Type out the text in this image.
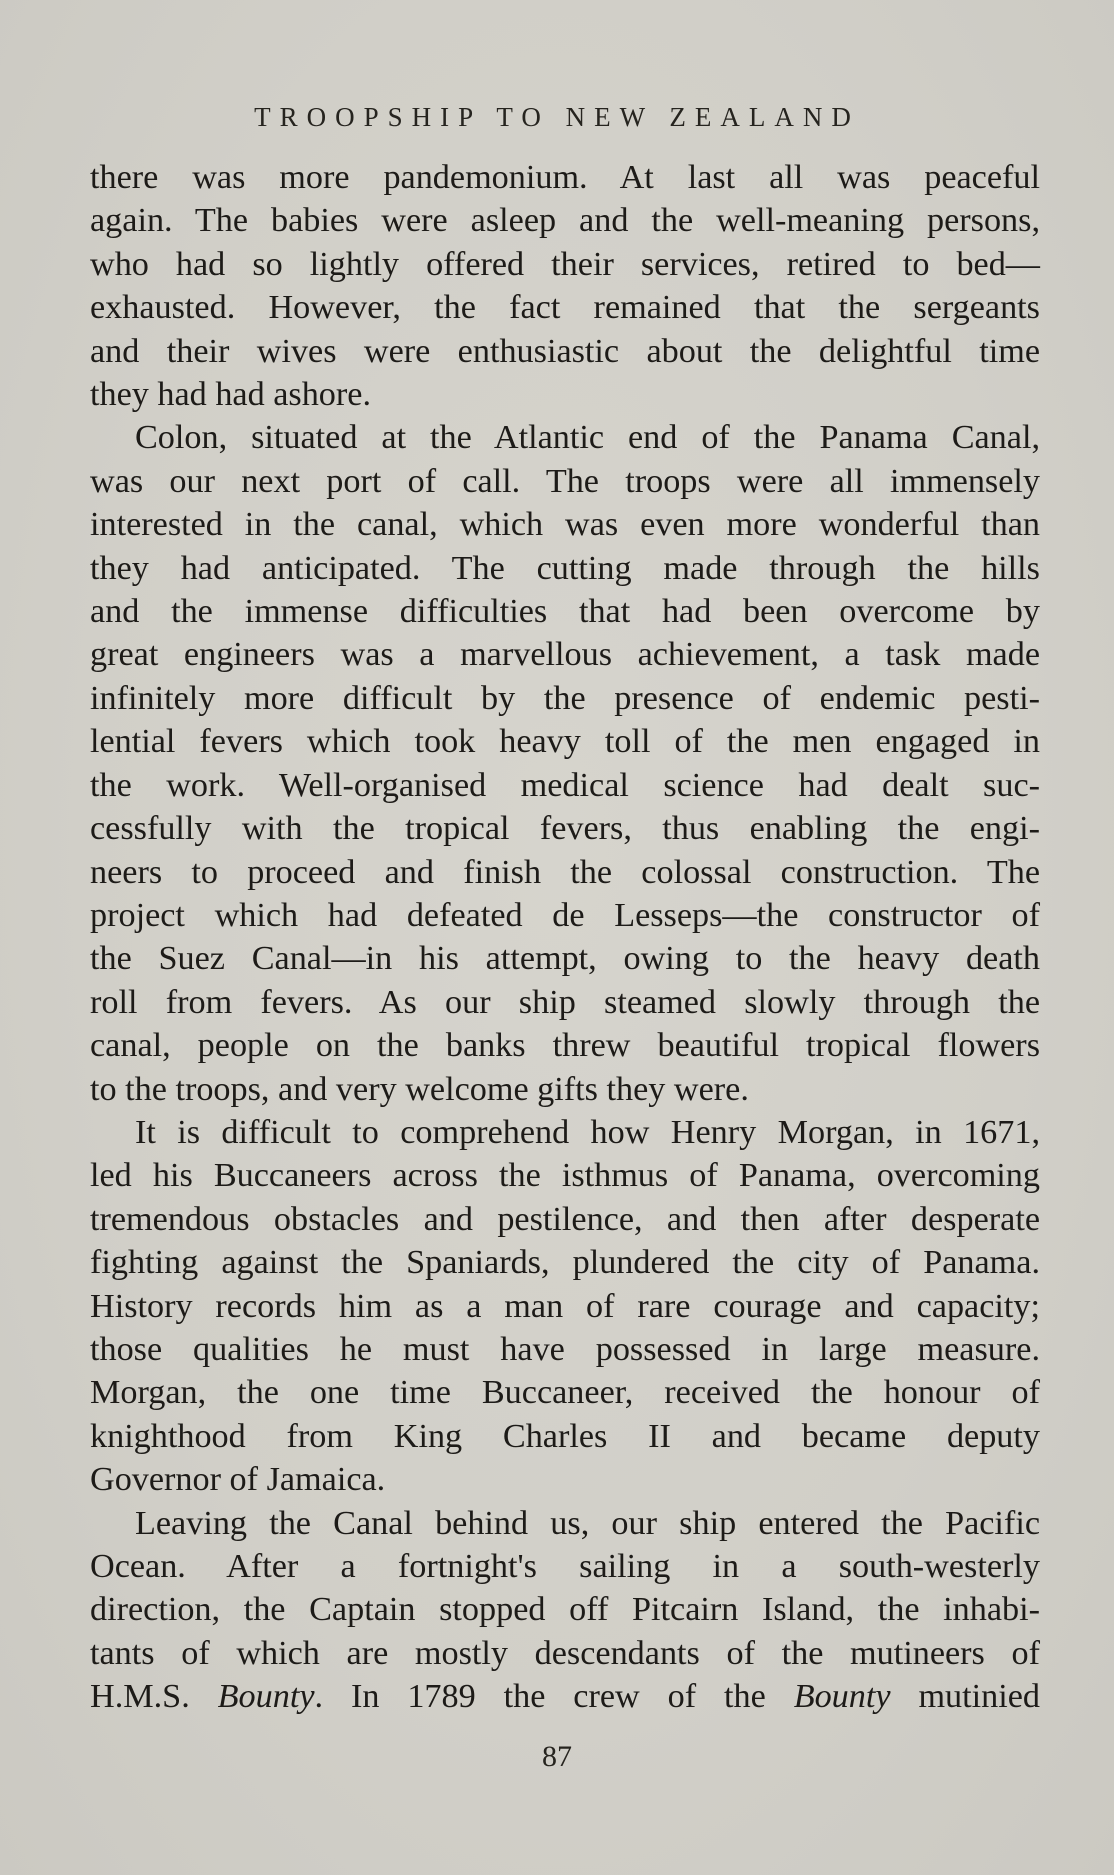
TROOPSHIP TO NEW ZEALAND
there was more pandemonium. At last all was peaceful
again. The babies were asleep and the well-meaning persons,
who had so lightly offered their services, retired to bed—
exhausted. However, the fact remained that the sergeants
and their wives were enthusiastic about the delightful time
they had had ashore.
Colon, situated at the Atlantic end of the Panama Canal,
was our next port of call. The troops were all immensely
interested in the canal, which was even more wonderful than
they had anticipated. The cutting made through the hills
and the immense difficulties that had been overcome by
great engineers was a marvellous achievement, a task made
infinitely more difficult by the presence of endemic pesti-
lential fevers which took heavy toll of the men engaged in
the work. Well-organised medical science had dealt suc-
cessfully with the tropical fevers, thus enabling the engi-
neers to proceed and finish the colossal construction. The
project which had defeated de Lesseps—the constructor of
the Suez Canal—in his attempt, owing to the heavy death
roll from fevers. As our ship steamed slowly through the
canal, people on the banks threw beautiful tropical flowers
to the troops, and very welcome gifts they were.
It is difficult to comprehend how Henry Morgan, in 1671,
led his Buccaneers across the isthmus of Panama, overcoming
tremendous obstacles and pestilence, and then after desperate
fighting against the Spaniards, plundered the city of Panama.
History records him as a man of rare courage and capacity;
those qualities he must have possessed in large measure.
Morgan, the one time Buccaneer, received the honour of
knighthood from King Charles II and became deputy
Governor of Jamaica.
Leaving the Canal behind us, our ship entered the Pacific
Ocean. After a fortnight's sailing in a south-westerly
direction, the Captain stopped off Pitcairn Island, the inhabi-
tants of which are mostly descendants of the mutineers of
H.M.S. Bounty. In 1789 the crew of the Bounty mutinied
87
